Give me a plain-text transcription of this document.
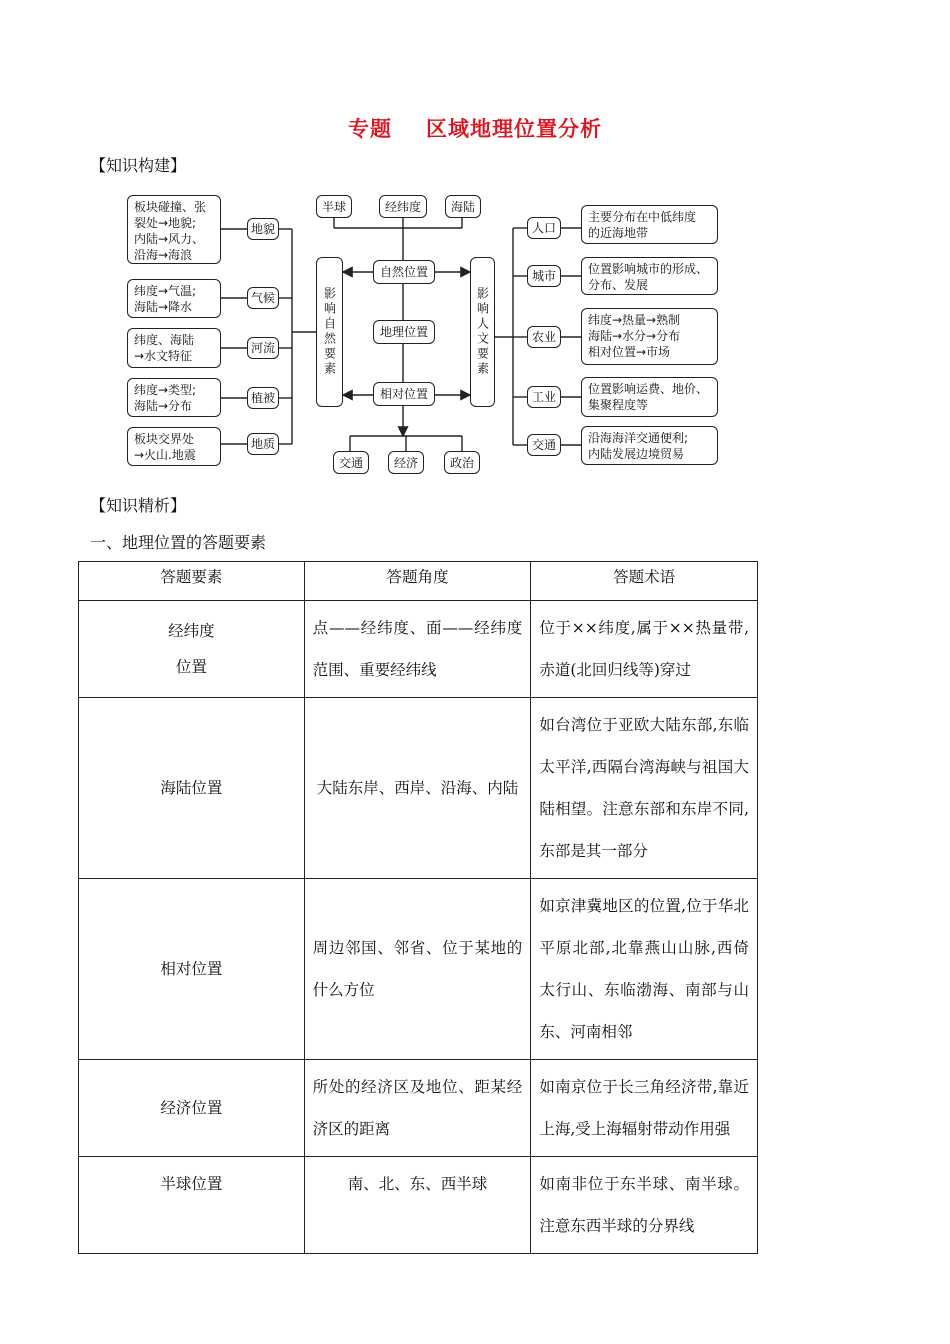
专题 区域地理位置分析
【知识构建】
半球	经纬度	海陆
自然位置
地理位置
相对位置
交通	经济	政治
影响自然要素	影响人文要素
地貌
气候
河流
植被
地质
板块碰撞、张
裂处→地貌;
内陆→风力、
沿海→海浪
纬度→气温;
海陆→降水
纬度、海陆
→水文特征
纬度→类型;
海陆→分布
板块交界处
→火山.地震
人口
城市
农业
工业
交通
主要分布在中低纬度
的近海地带
位置影响城市的形成、
分布、发展
纬度→热量→熟制
海陆→水分→分布
相对位置→市场
位置影响运费、地价、
集聚程度等
沿海海洋交通便利;
内陆发展边境贸易
【知识精析】
一、地理位置的答题要素
答题要素	答题角度	答题术语
经纬度
位置	点——经纬度、面——经纬度范围、重要经纬线	位于××纬度,属于××热量带,赤道(北回归线等)穿过
海陆位置	大陆东岸、西岸、沿海、内陆	如台湾位于亚欧大陆东部,东临太平洋,西隔台湾海峡与祖国大陆相望。注意东部和东岸不同,东部是其一部分
相对位置	周边邻国、邻省、位于某地的什么方位	如京津冀地区的位置,位于华北平原北部,北靠燕山山脉,西倚太行山、东临渤海、南部与山东、河南相邻
经济位置	所处的经济区及地位、距某经济区的距离	如南京位于长三角经济带,靠近上海,受上海辐射带动作用强
半球位置	南、北、东、西半球	如南非位于东半球、南半球。注意东西半球的分界线
